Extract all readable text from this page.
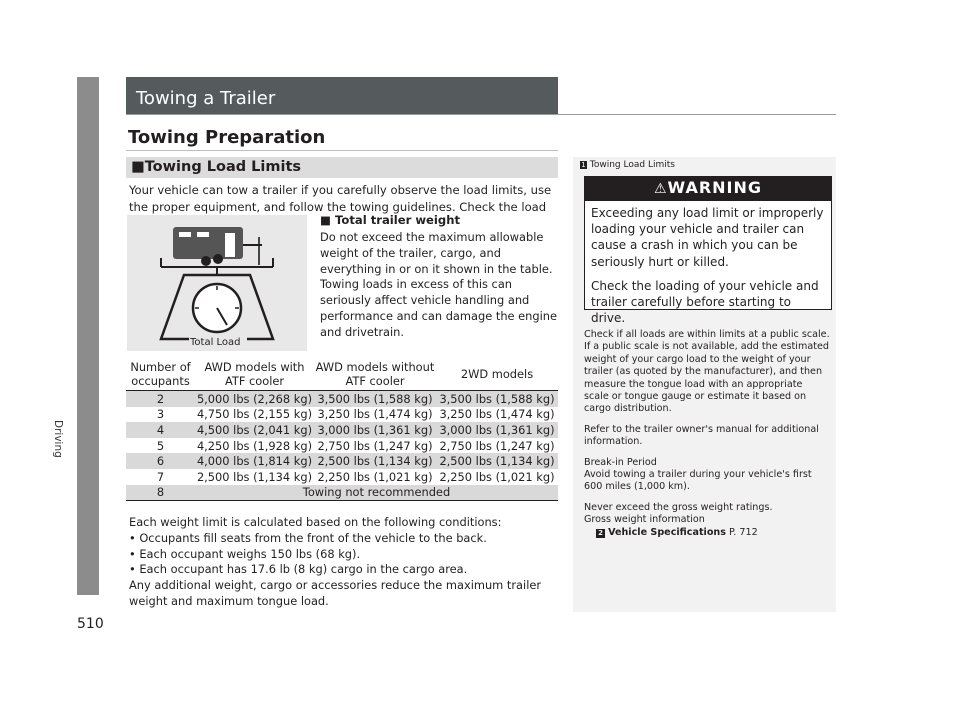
Driving
510
Towing a Trailer
Towing Preparation
■Towing Load Limits
Your vehicle can tow a trailer if you carefully observe the load limits, use the proper equipment, and follow the towing guidelines. Check the load
Total Load
■ Total trailer weight
Do not exceed the maximum allowable weight of the trailer, cargo, and everything in or on it shown in the table. Towing loads in excess of this can seriously affect vehicle handling and performance and can damage the engine and drivetrain.
Number of occupants	AWD models with ATF cooler	AWD models without ATF cooler	2WD models
2	5,000 lbs (2,268 kg)	3,500 lbs (1,588 kg)	3,500 lbs (1,588 kg)
3	4,750 lbs (2,155 kg)	3,250 lbs (1,474 kg)	3,250 lbs (1,474 kg)
4	4,500 lbs (2,041 kg)	3,000 lbs (1,361 kg)	3,000 lbs (1,361 kg)
5	4,250 lbs (1,928 kg)	2,750 lbs (1,247 kg)	2,750 lbs (1,247 kg)
6	4,000 lbs (1,814 kg)	2,500 lbs (1,134 kg)	2,500 lbs (1,134 kg)
7	2,500 lbs (1,134 kg)	2,250 lbs (1,021 kg)	2,250 lbs (1,021 kg)
8	Towing not recommended		
Each weight limit is calculated based on the following conditions:
• Occupants fill seats from the front of the vehicle to the back.
• Each occupant weighs 150 lbs (68 kg).
• Each occupant has 17.6 lb (8 kg) cargo in the cargo area.
Any additional weight, cargo or accessories reduce the maximum trailer weight and maximum tongue load.
1 Towing Load Limits
⚠WARNING
Exceeding any load limit or improperly loading your vehicle and trailer can cause a crash in which you can be seriously hurt or killed.
Check the loading of your vehicle and trailer carefully before starting to drive.
Check if all loads are within limits at a public scale. If a public scale is not available, add the estimated weight of your cargo load to the weight of your trailer (as quoted by the manufacturer), and then measure the tongue load with an appropriate scale or tongue gauge or estimate it based on cargo distribution.
Refer to the trailer owner's manual for additional information.
Break-in Period
Avoid towing a trailer during your vehicle's first 600 miles (1,000 km).
Never exceed the gross weight ratings.
Gross weight information
2 Vehicle Specifications P. 712
